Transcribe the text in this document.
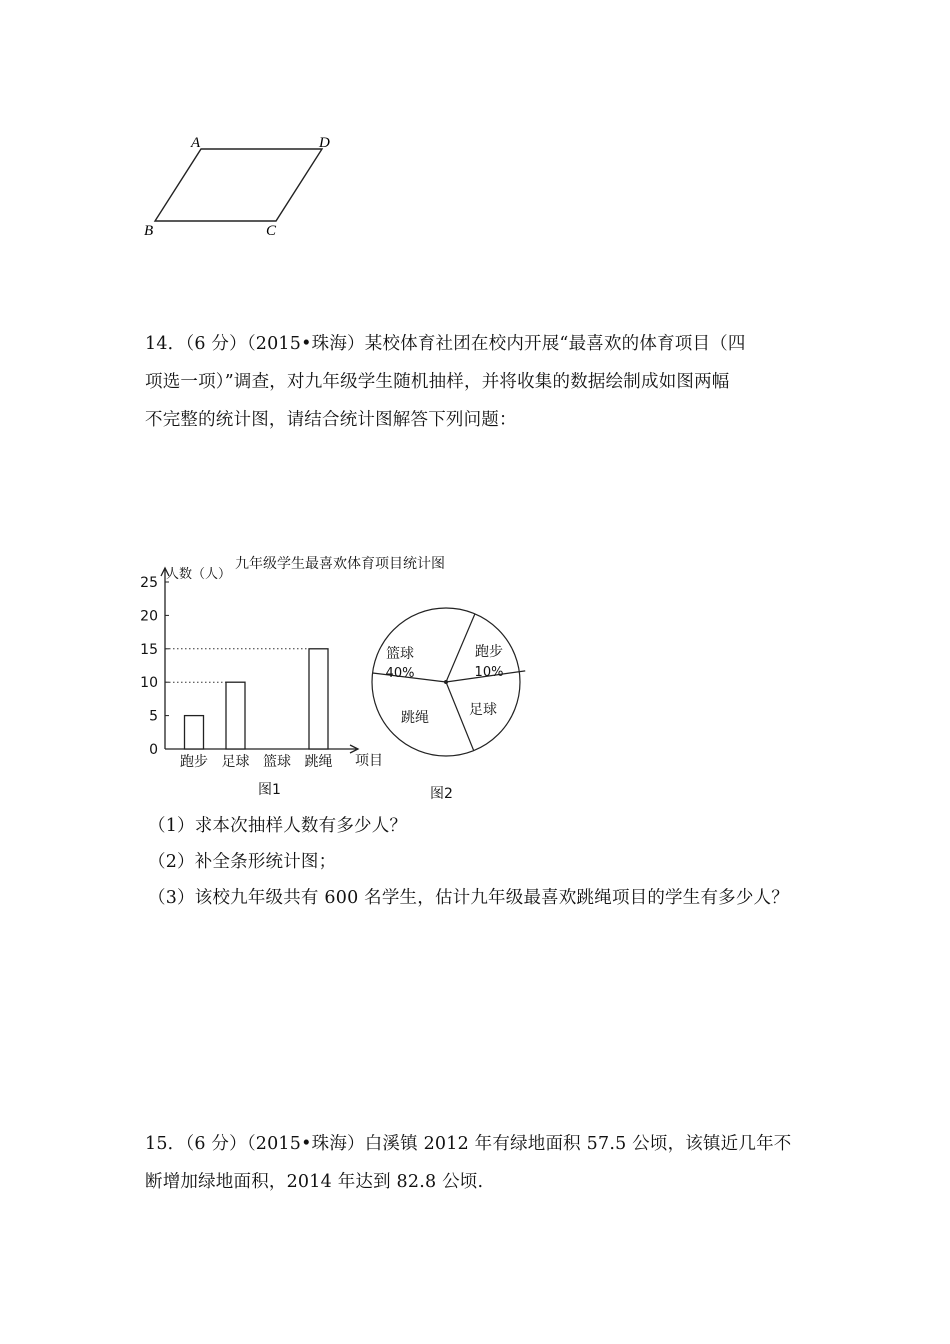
A	D
B	C
14．（6 分）（2015•珠海）某校体育社团在校内开展“最喜欢的体育项目（四
项选一项）”调查，对九年级学生随机抽样，并将收集的数据绘制成如图两幅
不完整的统计图，请结合统计图解答下列问题：
九年级学生最喜欢体育项目统计图
人数（人）
项目
图1
0
5
10
15
20
25
跑步 足球 篮球 跳绳
篮球
40%
跑步
10%
足球
跳绳
图2
（1）求本次抽样人数有多少人？
（2）补全条形统计图；
（3）该校九年级共有 600 名学生，估计九年级最喜欢跳绳项目的学生有多少人？
15．（6 分）（2015•珠海）白溪镇 2012 年有绿地面积 57.5 公顷，该镇近几年不
断增加绿地面积，2014 年达到 82.8 公顷.
